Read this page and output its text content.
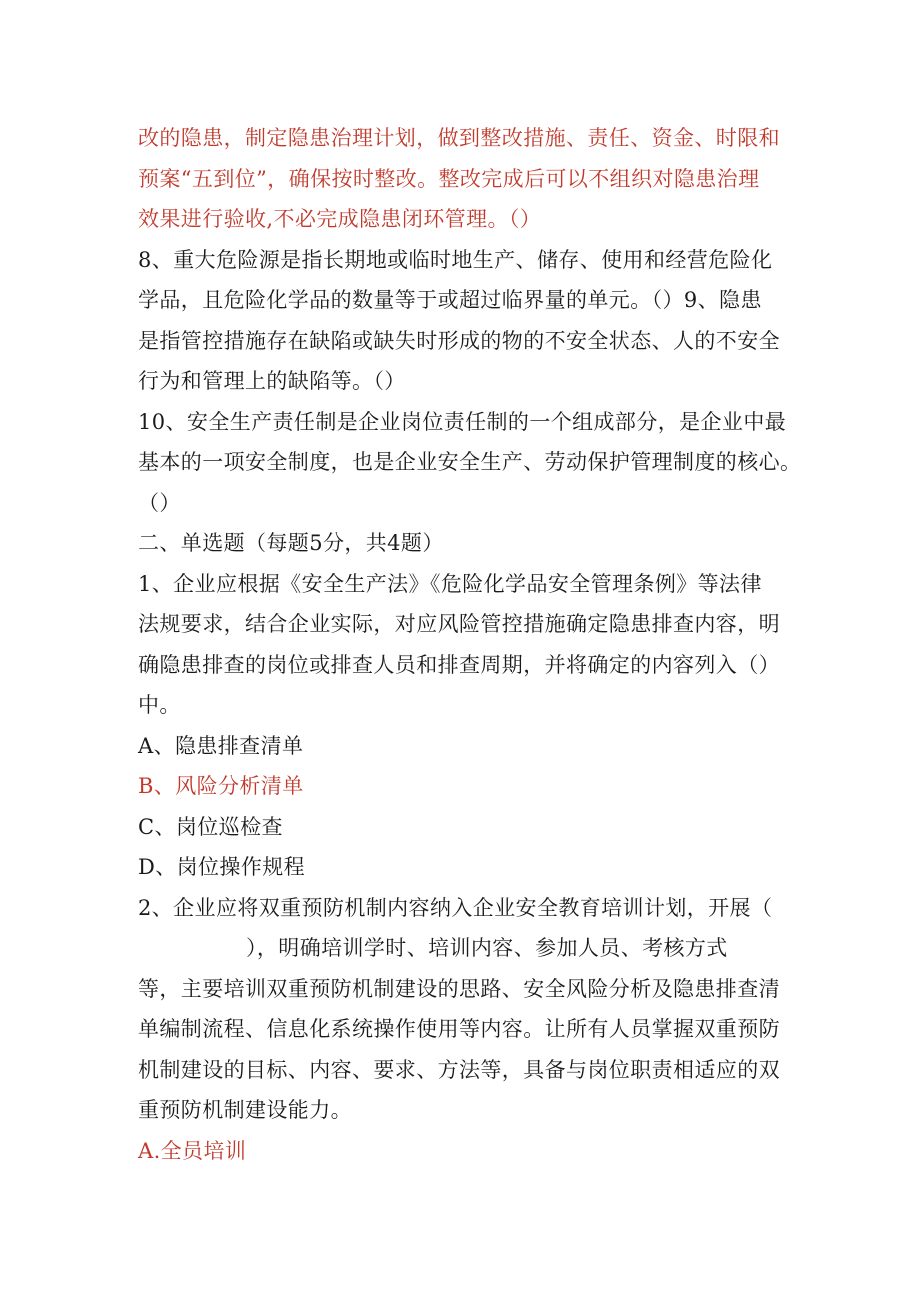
改的隐患，制定隐患治理计划，做到整改措施、责任、资金、时限和
预案“五到位”，确保按时整改。整改完成后可以不组织对隐患治理
效果进行验收,不必完成隐患闭环管理。（）
8、重大危险源是指长期地或临时地生产、储存、使用和经营危险化
学品，且危险化学品的数量等于或超过临界量的单元。（）9、隐患
是指管控措施存在缺陷或缺失时形成的物的不安全状态、人的不安全
行为和管理上的缺陷等。（）
10、安全生产责任制是企业岗位责任制的一个组成部分，是企业中最
基本的一项安全制度，也是企业安全生产、劳动保护管理制度的核心。
（）
二、单选题（每题5分，共4题）
1、企业应根据《安全生产法》《危险化学品安全管理条例》等法律
法规要求，结合企业实际，对应风险管控措施确定隐患排查内容，明
确隐患排查的岗位或排查人员和排查周期，并将确定的内容列入（）
中。
A、隐患排查清单
B、风险分析清单
C、岗位巡检查
D、岗位操作规程
2、企业应将双重预防机制内容纳入企业安全教育培训计划，开展（
），明确培训学时、培训内容、参加人员、考核方式
等，主要培训双重预防机制建设的思路、安全风险分析及隐患排查清
单编制流程、信息化系统操作使用等内容。让所有人员掌握双重预防
机制建设的目标、内容、要求、方法等，具备与岗位职责相适应的双
重预防机制建设能力。
A.全员培训
